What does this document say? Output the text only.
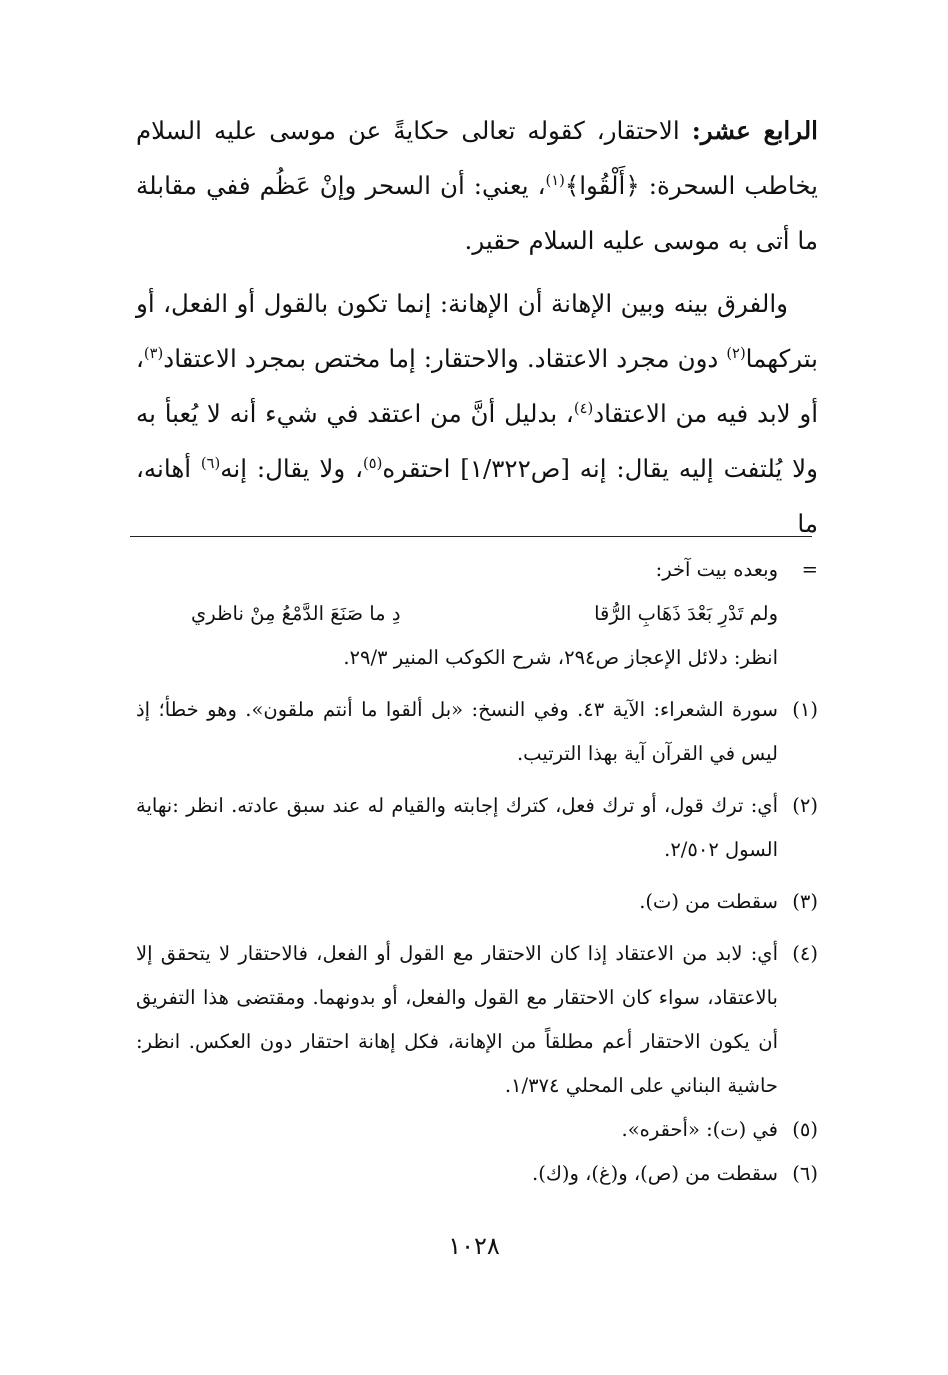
الرابع عشر: الاحتقار، كقوله تعالى حكايةً عن موسى عليه السلام يخاطب السحرة: ﴿أَلْقُوا﴾$^{(١)}$، يعني: أن السحر وإنْ عَظُم ففي مقابلة ما أتى به موسى عليه السلام حقير.

والفرق بينه وبين الإهانة أن الإهانة: إنما تكون بالقول أو الفعل، أو بتركهما$^{(٢)}$ دون مجرد الاعتقاد. والاحتقار: إما مختص بمجرد الاعتقاد$^{(٣)}$، أو لابد فيه من الاعتقاد$^{(٤)}$، بدليل أنَّ من اعتقد في شيء أنه لا يُعبأ به ولا يُلتفت إليه يقال: إنه [ص١/٣٢٢] احتقره$^{(٥)}$، ولا يقال: إنه$^{(٦)}$ أهانه، ما

=
وبعده بيت آخر:
ولم تَدْرِ بَعْدَ ذَهَابِ الرُّقا
دِ ما صَنَعَ الدَّمْعُ مِنْ ناظري
انظر: دلائل الإعجاز ص٢٩٤، شرح الكوكب المنير ٢٩/٣.
(١)
سورة الشعراء: الآية ٤٣. وفي النسخ: «بل ألقوا ما أنتم ملقون». وهو خطأ؛ إذ ليس في القرآن آية بهذا الترتيب.
(٢)
أي: ترك قول، أو ترك فعل، كترك إجابته والقيام له عند سبق عادته. انظر :نهاية السول ٢/٥٠٢.
(٣)
سقطت من (ت).
(٤)
أي: لابد من الاعتقاد إذا كان الاحتقار مع القول أو الفعل، فالاحتقار لا يتحقق إلا بالاعتقاد، سواء كان الاحتقار مع القول والفعل، أو بدونهما. ومقتضى هذا التفريق أن يكون الاحتقار أعم مطلقاً من الإهانة، فكل إهانة احتقار دون العكس. انظر: حاشية البناني على المحلي ١/٣٧٤.
(٥)
في (ت): «أحقره».
(٦)
سقطت من (ص)، و(غ)، و(ك).
١٠٢٨
